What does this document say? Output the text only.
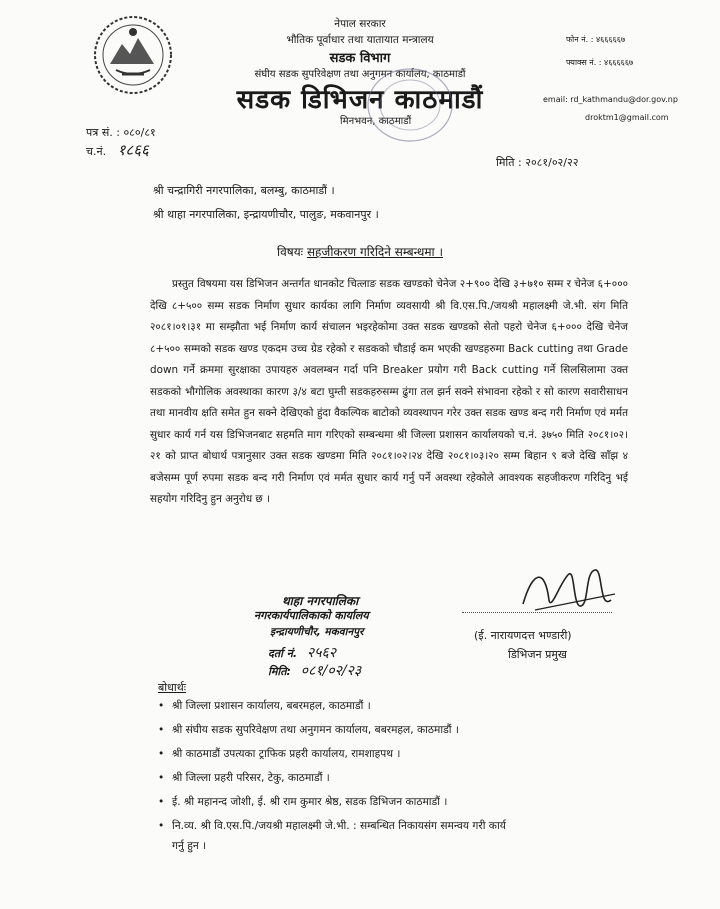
नेपाल सरकार
भौतिक पूर्वाधार तथा यातायात मन्त्रालय
सडक विभाग
संघीय सडक सुपरिवेक्षण तथा अनुगमन कार्यालय, काठमाडौं
सडक डिभिजन काठमाडौं
मिनभवन, काठमाडौं
फोन नं. : ४६६६६६७
फ्याक्स नं. : ४६६६६६७
email: rd_kathmandu@dor.gov.np
droktm1@gmail.com
पत्र सं. : ०८०/८१
च.नं. १८६६
मिति : २०८१/०२/२२
श्री चन्द्रागिरी नगरपालिका, बलम्बु, काठमाडौं ।
श्री थाहा नगरपालिका, इन्द्रायणीचौर, पालुङ, मकवानपुर ।
विषयः सहजीकरण गरिदिने सम्बन्धमा ।
प्रस्तुत विषयमा यस डिभिजन अन्तर्गत धानकोट चित्लाङ सडक खण्डको चेनेज २+९०० देखि ३+७१० सम्म र चेनेज ६+००० देखि ८+५०० सम्म सडक निर्माण सुधार कार्यका लागि निर्माण व्यवसायी श्री वि.एस.पि./जयश्री महालक्ष्मी जे.भी. संग मिति २०८१।०१।३१ मा सम्झौता भई निर्माण कार्य संचालन भइरहेकोमा उक्त सडक खण्डको सेतो पहरो चेनेज ६+००० देखि चेनेज ८+५०० सम्मको सडक खण्ड एकदम उच्च ग्रेड रहेको र सडकको चौडाई कम भएकी खण्डहरुमा Back cutting तथा Grade down गर्ने क्रममा सुरक्षाका उपायहरु अवलम्बन गर्दा पनि Breaker प्रयोग गरी Back cutting गर्ने सिलसिलामा उक्त सडकको भौगोलिक अवस्थाका कारण ३/४ बटा घुम्ती सडकहरुसम्म ढुंगा तल झर्न सक्ने संभावना रहेको र सो कारण सवारीसाधन तथा मानवीय क्षति समेत हुन सक्ने देखिएको हुंदा वैकल्पिक बाटोको व्यवस्थापन गरेर उक्त सडक खण्ड बन्द गरी निर्माण एवं मर्मत सुधार कार्य गर्न यस डिभिजनबाट सहमति माग गरिएको सम्बन्धमा श्री जिल्ला प्रशासन कार्यालयको च.नं. ३७५० मिति २०८१।०२।२१ को प्राप्त बोधार्थ पत्रानुसार उक्त सडक खण्डमा मिति २०८१।०२।२४ देखि २०८१।०३।२० सम्म बिहान ९ बजे देखि साँझ ४ बजेसम्म पूर्ण रुपमा सडक बन्द गरी निर्माण एवं मर्मत सुधार कार्य गर्नु पर्ने अवस्था रहेकोले आवश्यक सहजीकरण गरिदिनु भई सहयोग गरिदिनु हुन अनुरोध छ ।
थाहा नगरपालिका
नगरकार्यपालिकाको कार्यालय
इन्द्रायणीचौर, मकवानपुर
दर्ता नं. २५६२
मिति: ०८१/०२/२३
(ई. नारायणदत्त भण्डारी)
डिभिजन प्रमुख
बोधार्थः
• श्री जिल्ला प्रशासन कार्यालय, बबरमहल, काठमाडौं ।
• श्री संघीय सडक सुपरिवेक्षण तथा अनुगमन कार्यालय, बबरमहल, काठमाडौं ।
• श्री काठमाडौं उपत्यका ट्राफिक प्रहरी कार्यालय, रामशाहपथ ।
• श्री जिल्ला प्रहरी परिसर, टेकु, काठमाडौं ।
• ई. श्री महानन्द जोशी, ई. श्री राम कुमार श्रेष्ठ, सडक डिभिजन काठमाडौं ।
• नि.व्य. श्री वि.एस.पि./जयश्री महालक्ष्मी जे.भी. : सम्बन्धित निकायसंग समन्वय गरी कार्य
गर्नु हुन ।
